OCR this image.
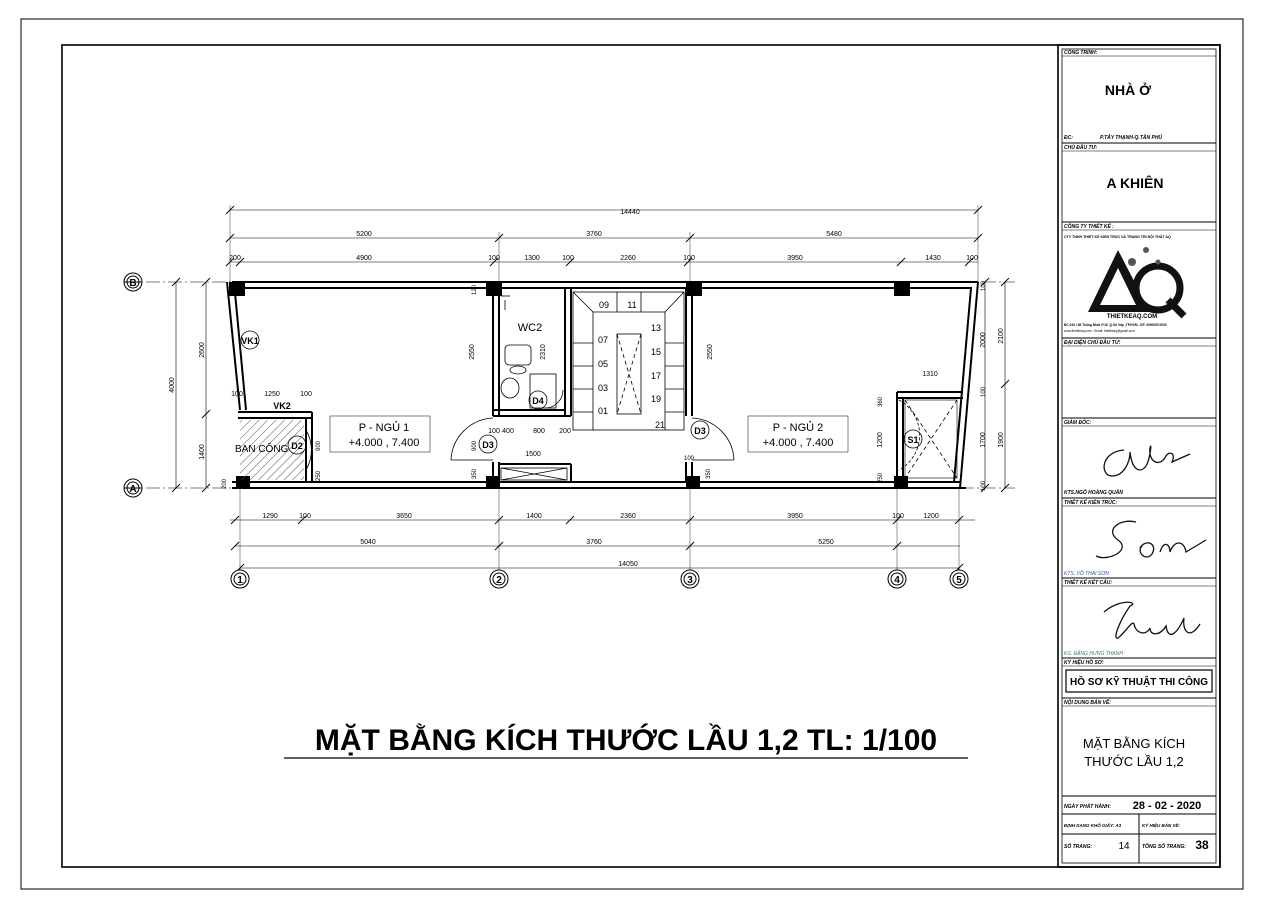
14440
5200	3760	5480
200	4900	100	1300	100	2260	100	3950	1430	100
1290	100	3650	1400	2360	3950	100	1200
5040	3760	5250
14050
4000
2600
1400
200
2100
2000
100
1700 1900
100
100
2550	2310	2550
120
360
1200
250
250
900
350
900
350
1250	100
100
1310
1500
400	800 200
100
100
09 11
07
13
05
15
03
17
01
19
21
B
A
1	2	3	4	5
P - NGỦ 1
+4.000 , 7.400
P - NGỦ 2
+4.000 , 7.400
WC2
BAN CÔNG
VK1
VK2
D2	D3
D4
D3
S1
MẶT BẰNG KÍCH THƯỚC LẦU 1,2 TL: 1/100
CÔNG TRÌNH:
NHÀ Ở
ĐC:	P.TÂY THẠNH-Q.TÂN PHÚ
CHỦ ĐẦU TƯ:
A KHIÊN
CÔNG TY THIẾT KẾ :
CTY TNHH THIẾT KẾ KIẾN TRÚC VÀ TRANG TRÍ NỘI THẤT AQ
THIETKEAQ.COM
ĐC:233 / 58 Thống Nhất ,P.16 ,Q.Gò Vấp ,TP.HCM - ĐT: 0000000 0000
www.thietkeaq.com - Email: thietkeaq@gmail.com
ĐẠI DIỆN CHỦ ĐẦU TƯ:
GIÁM ĐỐC:
KTS.NGÔ HOÀNG QUÂN
THIẾT KẾ KIẾN TRÚC:
KTS. VÕ THÁI SƠN
THIẾT KẾ KẾT CẤU:
KS. ĐẶNG HƯNG THẠNH
KÝ HIỆU HỒ SƠ:
HỒ SƠ KỸ THUẬT THI CÔNG
NỘI DUNG BẢN VẼ:
MẶT BẰNG KÍCH
THƯỚC LẦU 1,2
NGÀY PHÁT HÀNH: 28 - 02 - 2020
ĐỊNH DẠNG KHỔ GIẤY: A3	KÝ HIỆU BẢN VẼ:
SỐ TRANG:	14 TỔNG SỐ TRANG: 38
